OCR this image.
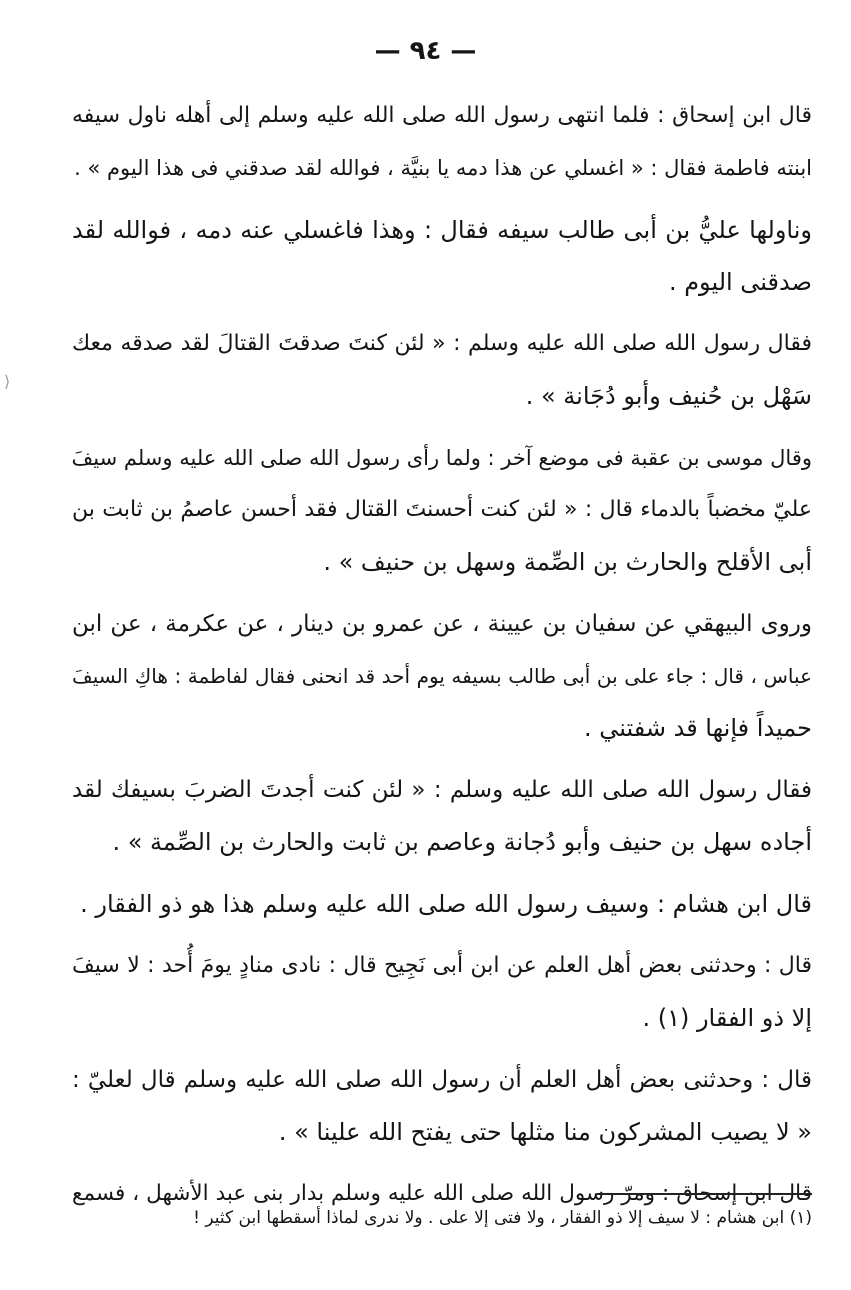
— ٩٤ —
⟩
قال ابن إسحاق : فلما انتهى رسول الله صلى الله عليه وسلم إلى أهله ناول سيفه
ابنته فاطمة فقال : « اغسلي عن هذا دمه يا بنيَّة ، فوالله لقد صدقني فى هذا اليوم » .
وناولها عليُّ بن أبى طالب سيفه فقال : وهذا فاغسلي عنه دمه ، فوالله لقد
صدقنى اليوم .
فقال رسول الله صلى الله عليه وسلم : « لئن كنتَ صدقتَ القتالَ لقد صدقه معك
سَهْل بن حُنيف وأبو دُجَانة » .
وقال موسى بن عقبة فى موضع آخر : ولما رأى رسول الله صلى الله عليه وسلم سيفَ
عليّ مخضباً بالدماء قال : « لئن كنت أحسنتَ القتال فقد أحسن عاصمُ بن ثابت بن
أبى الأقلح والحارث بن الصِّمة وسهل بن حنيف » .
وروى البيهقي عن سفيان بن عيينة ، عن عمرو بن دينار ، عن عكرمة ، عن ابن
عباس ، قال : جاء على بن أبى طالب بسيفه يوم أحد قد انحنى فقال لفاطمة : هاكِ السيفَ
حميداً فإنها قد شفتني .
فقال رسول الله صلى الله عليه وسلم : « لئن كنت أجدتَ الضربَ بسيفك لقد
أجاده سهل بن حنيف وأبو دُجانة وعاصم بن ثابت والحارث بن الصِّمة » .
قال ابن هشام : وسيف رسول الله صلى الله عليه وسلم هذا هو ذو الفقار .
قال : وحدثنى بعض أهل العلم عن ابن أبى نَجِيح قال : نادى منادٍ يومَ أُحد : لا سيفَ
إلا ذو الفقار (١) .
قال : وحدثنى بعض أهل العلم أن رسول الله صلى الله عليه وسلم قال لعليّ :
« لا يصيب المشركون منا مثلها حتى يفتح الله علينا » .
قال ابن إسحاق : ومرّ رسول الله صلى الله عليه وسلم بدار بنى عبد الأشهل ، فسمع
(١) ابن هشام : لا سيف إلا ذو الفقار ، ولا فتى إلا على . ولا ندرى لماذا أسقطها ابن كثير !
